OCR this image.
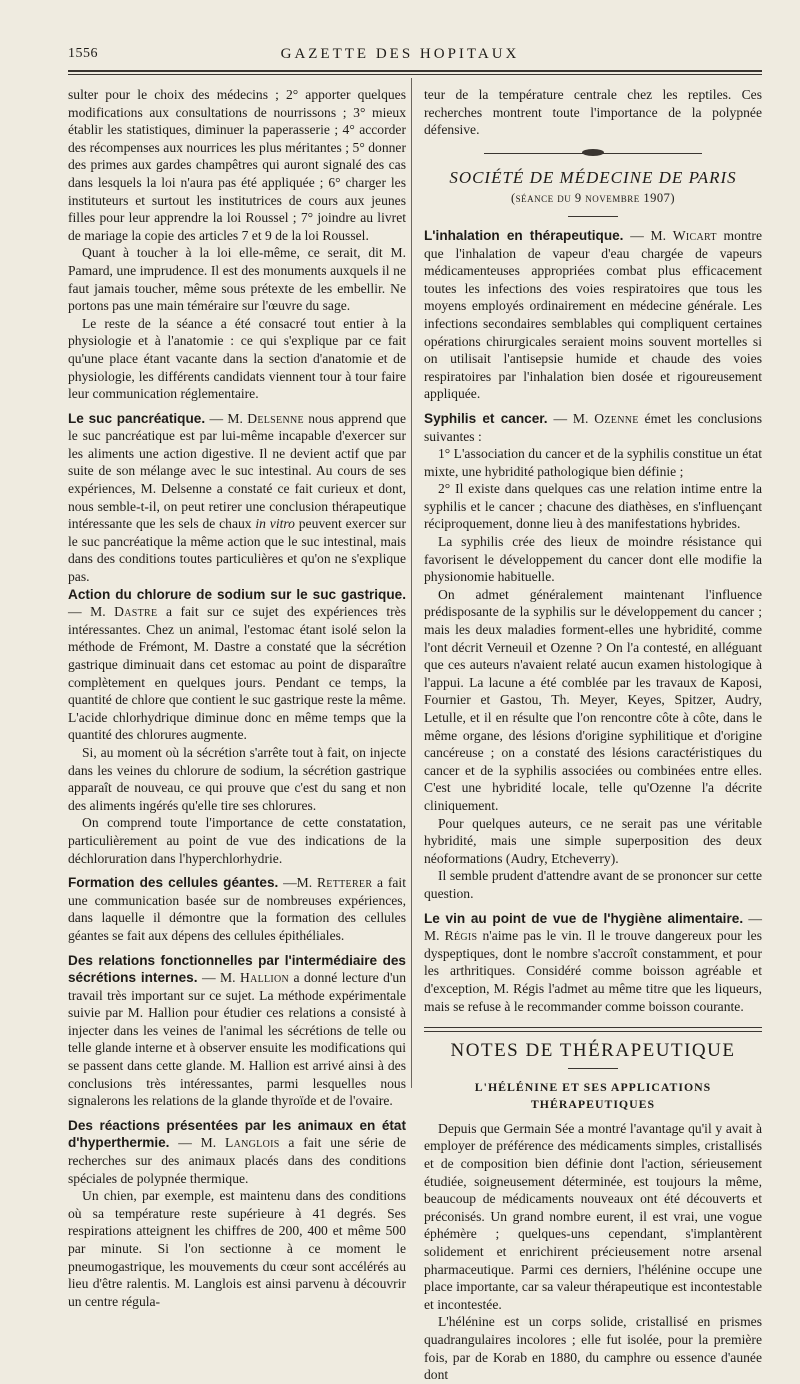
1556	GAZETTE DES HOPITAUX

sulter pour le choix des médecins ; 2° apporter quelques modifications aux consultations de nourrissons ; 3° mieux établir les statistiques, diminuer la paperasserie ; 4° accorder des récompenses aux nourrices les plus méritantes ; 5° donner des primes aux gardes champêtres qui auront signalé des cas dans lesquels la loi n'aura pas été appliquée ; 6° charger les instituteurs et surtout les institutrices de cours aux jeunes filles pour leur apprendre la loi Roussel ; 7° joindre au livret de mariage la copie des articles 7 et 9 de la loi Roussel.

Quant à toucher à la loi elle-même, ce serait, dit M. Pamard, une imprudence. Il est des monuments auxquels il ne faut jamais toucher, même sous prétexte de les embellir. Ne portons pas une main téméraire sur l'œuvre du sage.

Le reste de la séance a été consacré tout entier à la physiologie et à l'anatomie : ce qui s'explique par ce fait qu'une place étant vacante dans la section d'anatomie et de physiologie, les différents candidats viennent tour à tour faire leur communication réglementaire.

Le suc pancréatique. — M. Delsenne nous apprend que le suc pancréatique est par lui-même incapable d'exercer sur les aliments une action digestive. Il ne devient actif que par suite de son mélange avec le suc intestinal. Au cours de ses expériences, M. Delsenne a constaté ce fait curieux et dont, nous semble-t-il, on peut retirer une conclusion thérapeutique intéressante que les sels de chaux in vitro peuvent exercer sur le suc pancréatique la même action que le suc intestinal, mais dans des conditions toutes particulières et qu'on ne s'explique pas.

Action du chlorure de sodium sur le suc gastrique. — M. Dastre a fait sur ce sujet des expériences très intéressantes. Chez un animal, l'estomac étant isolé selon la méthode de Frémont, M. Dastre a constaté que la sécrétion gastrique diminuait dans cet estomac au point de disparaître complètement en quelques jours. Pendant ce temps, la quantité de chlore que contient le suc gastrique reste la même. L'acide chlorhydrique diminue donc en même temps que la quantité des chlorures augmente.

Si, au moment où la sécrétion s'arrête tout à fait, on injecte dans les veines du chlorure de sodium, la sécrétion gastrique apparaît de nouveau, ce qui prouve que c'est du sang et non des aliments ingérés qu'elle tire ses chlorures.

On comprend toute l'importance de cette constatation, particulièrement au point de vue des indications de la déchloruration dans l'hyperchlorhydrie.

Formation des cellules géantes. —M. Retterer a fait une communication basée sur de nombreuses expériences, dans laquelle il démontre que la formation des cellules géantes se fait aux dépens des cellules épithéliales.

Des relations fonctionnelles par l'intermédiaire des sécrétions internes. — M. Hallion a donné lecture d'un travail très important sur ce sujet. La méthode expérimentale suivie par M. Hallion pour étudier ces relations a consisté à injecter dans les veines de l'animal les sécrétions de telle ou telle glande interne et à observer ensuite les modifications qui se passent dans cette glande. M. Hallion est arrivé ainsi à des conclusions très intéressantes, parmi lesquelles nous signalerons les relations de la glande thyroïde et de l'ovaire.

Des réactions présentées par les animaux en état d'hyperthermie. — M. Langlois a fait une série de recherches sur des animaux placés dans des conditions spéciales de polypnée thermique.

Un chien, par exemple, est maintenu dans des conditions où sa température reste supérieure à 41 degrés. Ses respirations atteignent les chiffres de 200, 400 et même 500 par minute. Si l'on sectionne à ce moment le pneumogastrique, les mouvements du cœur sont accélérés au lieu d'être ralentis. M. Langlois est ainsi parvenu à découvrir un centre régula-

teur de la température centrale chez les reptiles. Ces recherches montrent toute l'importance de la polypnée défensive.

SOCIÉTÉ DE MÉDECINE DE PARIS
(séance du 9 novembre 1907)

L'inhalation en thérapeutique. — M. Wicart montre que l'inhalation de vapeur d'eau chargée de vapeurs médicamenteuses appropriées combat plus efficacement toutes les infections des voies respiratoires que tous les moyens employés ordinairement en médecine générale. Les infections secondaires semblables qui compliquent certaines opérations chirurgicales seraient moins souvent mortelles si on utilisait l'antisepsie humide et chaude des voies respiratoires par l'inhalation bien dosée et rigoureusement appliquée.

Syphilis et cancer. — M. Ozenne émet les conclusions suivantes :

1° L'association du cancer et de la syphilis constitue un état mixte, une hybridité pathologique bien définie ;

2° Il existe dans quelques cas une relation intime entre la syphilis et le cancer ; chacune des diathèses, en s'influençant réciproquement, donne lieu à des manifestations hybrides.

La syphilis crée des lieux de moindre résistance qui favorisent le développement du cancer dont elle modifie la physionomie habituelle.

On admet généralement maintenant l'influence prédisposante de la syphilis sur le développement du cancer ; mais les deux maladies forment-elles une hybridité, comme l'ont décrit Verneuil et Ozenne ? On l'a contesté, en alléguant que ces auteurs n'avaient relaté aucun examen histologique à l'appui. La lacune a été comblée par les travaux de Kaposi, Fournier et Gastou, Th. Meyer, Keyes, Spitzer, Audry, Letulle, et il en résulte que l'on rencontre côte à côte, dans le même organe, des lésions d'origine syphilitique et d'origine cancéreuse ; on a constaté des lésions caractéristiques du cancer et de la syphilis associées ou combinées entre elles. C'est une hybridité locale, telle qu'Ozenne l'a décrite cliniquement.

Pour quelques auteurs, ce ne serait pas une véritable hybridité, mais une simple superposition des deux néoformations (Audry, Etcheverry).

Il semble prudent d'attendre avant de se prononcer sur cette question.

Le vin au point de vue de l'hygiène alimentaire. — M. Régis n'aime pas le vin. Il le trouve dangereux pour les dyspeptiques, dont le nombre s'accroît constamment, et pour les arthritiques. Considéré comme boisson agréable et d'exception, M. Régis l'admet au même titre que les liqueurs, mais se refuse à le recommander comme boisson courante.

NOTES DE THÉRAPEUTIQUE
L'HÉLÉNINE ET SES APPLICATIONS THÉRAPEUTIQUES

Depuis que Germain Sée a montré l'avantage qu'il y avait à employer de préférence des médicaments simples, cristallisés et de composition bien définie dont l'action, sérieusement étudiée, soigneusement déterminée, est toujours la même, beaucoup de médicaments nouveaux ont été découverts et préconisés. Un grand nombre eurent, il est vrai, une vogue éphémère ; quelques-uns cependant, s'implantèrent solidement et enrichirent précieusement notre arsenal pharmaceutique. Parmi ces derniers, l'hélénine occupe une place importante, car sa valeur thérapeutique est incontestable et incontestée.

L'hélénine est un corps solide, cristallisé en prismes quadrangulaires incolores ; elle fut isolée, pour la première fois, par de Korab en 1880, du camphre ou essence d'aunée dont
